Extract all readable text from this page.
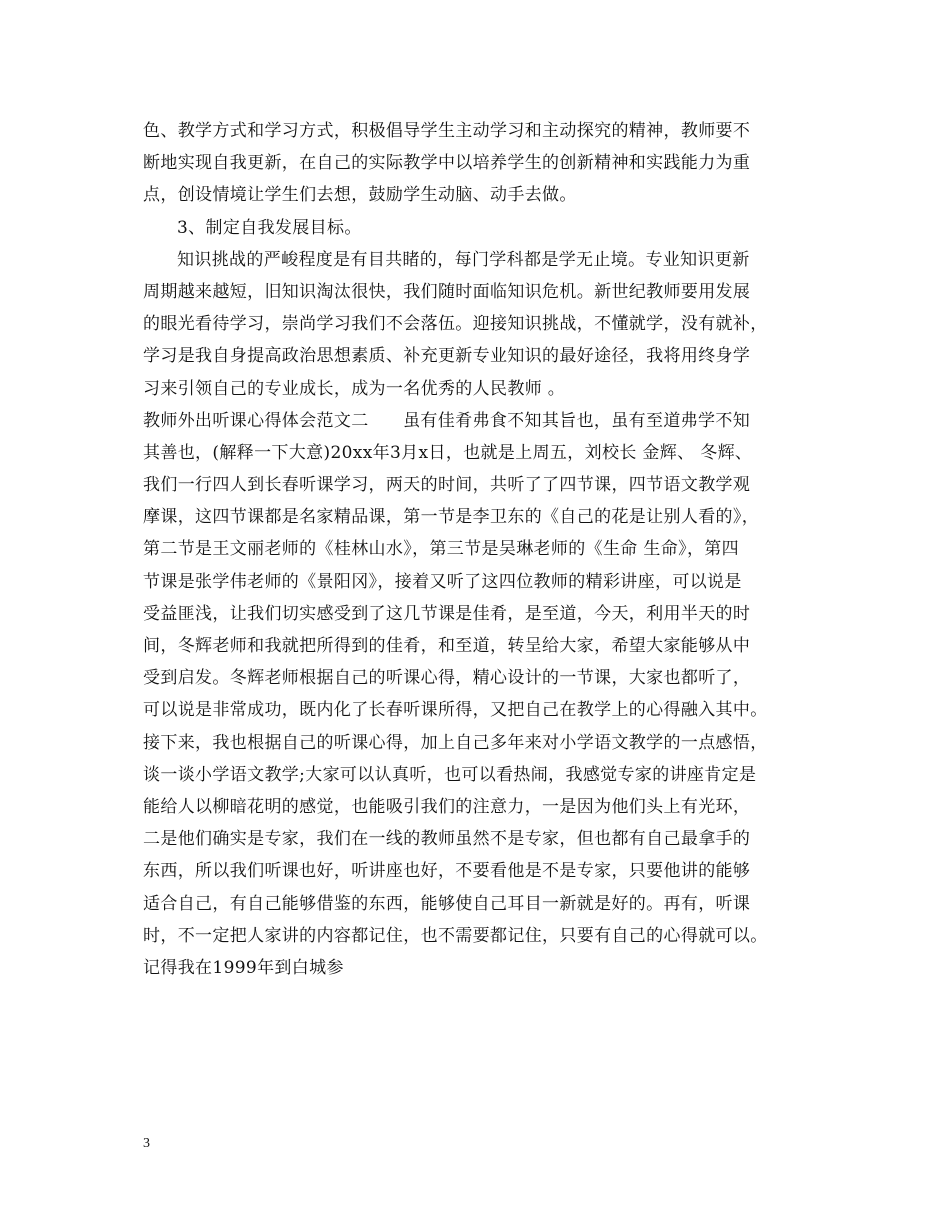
色、教学方式和学习方式，积极倡导学生主动学习和主动探究的精神，教师要不
断地实现自我更新，在自己的实际教学中以培养学生的创新精神和实践能力为重
点，创设情境让学生们去想，鼓励学生动脑、动手去做。
3、制定自我发展目标。
知识挑战的严峻程度是有目共睹的，每门学科都是学无止境。专业知识更新
周期越来越短，旧知识淘汰很快，我们随时面临知识危机。新世纪教师要用发展
的眼光看待学习，崇尚学习我们不会落伍。迎接知识挑战，不懂就学，没有就补，
学习是我自身提高政治思想素质、补充更新专业知识的最好途径，我将用终身学
习来引领自己的专业成长，成为一名优秀的人民教师 。
教师外出听课心得体会范文二      虽有佳肴弗食不知其旨也，虽有至道弗学不知
其善也，(解释一下大意)20xx年3月x日，也就是上周五，刘校长 金辉、 冬辉、
我们一行四人到长春听课学习，两天的时间，共听了了四节课，四节语文教学观
摩课，这四节课都是名家精品课，第一节是李卫东的《自己的花是让别人看的》，
第二节是王文丽老师的《桂林山水》，第三节是吴琳老师的《生命 生命》，第四
节课是张学伟老师的《景阳冈》，接着又听了这四位教师的精彩讲座，可以说是
受益匪浅，让我们切实感受到了这几节课是佳肴，是至道，今天，利用半天的时
间，冬辉老师和我就把所得到的佳肴，和至道，转呈给大家，希望大家能够从中
受到启发。冬辉老师根据自己的听课心得，精心设计的一节课，大家也都听了，
可以说是非常成功，既内化了长春听课所得，又把自己在教学上的心得融入其中。
接下来，我也根据自己的听课心得，加上自己多年来对小学语文教学的一点感悟，
谈一谈小学语文教学;大家可以认真听，也可以看热闹，我感觉专家的讲座肯定是
能给人以柳暗花明的感觉，也能吸引我们的注意力，一是因为他们头上有光环，
二是他们确实是专家，我们在一线的教师虽然不是专家，但也都有自己最拿手的
东西，所以我们听课也好，听讲座也好，不要看他是不是专家，只要他讲的能够
适合自己，有自己能够借鉴的东西，能够使自己耳目一新就是好的。再有，听课
时，不一定把人家讲的内容都记住，也不需要都记住，只要有自己的心得就可以。
记得我在1999年到白城参
3
